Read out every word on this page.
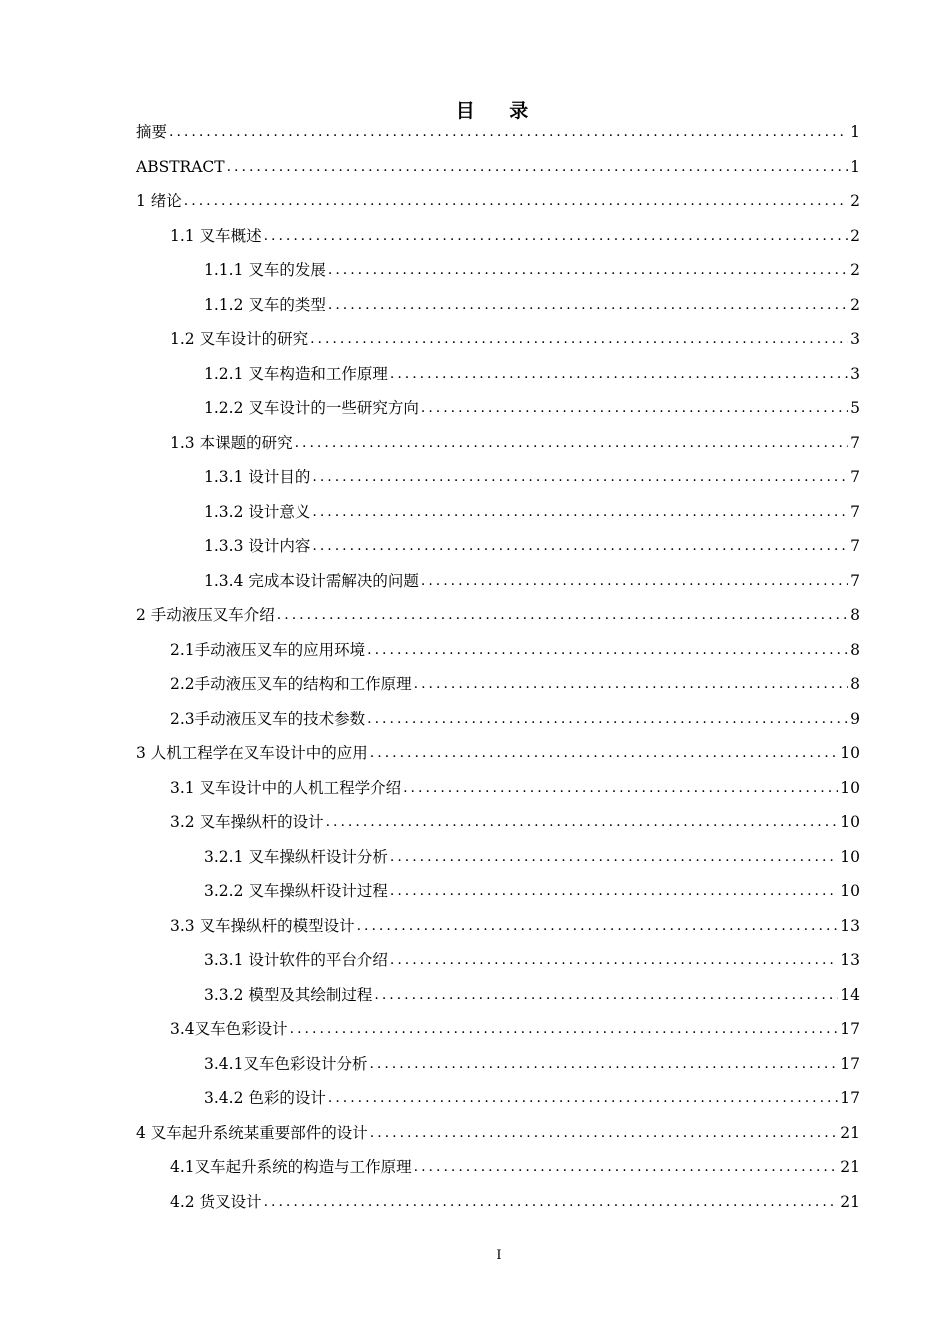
目 录
摘要 .....	1
ABSTRACT .....	1
1 绪论 .....	2
1.1 叉车概述 .....	2
1.1.1 叉车的发展 .....	2
1.1.2 叉车的类型 .....	2
1.2 叉车设计的研究 .....	3
1.2.1 叉车构造和工作原理 .....	3
1.2.2 叉车设计的一些研究方向 .....	5
1.3 本课题的研究 .....	7
1.3.1 设计目的 .....	7
1.3.2 设计意义 .....	7
1.3.3 设计内容 .....	7
1.3.4 完成本设计需解决的问题 .....	7
2 手动液压叉车介绍 .....	8
2.1手动液压叉车的应用环境 .....	8
2.2手动液压叉车的结构和工作原理 .....	8
2.3手动液压叉车的技术参数 .....	9
3 人机工程学在叉车设计中的应用 .....	10
3.1 叉车设计中的人机工程学介绍 .....	10
3.2 叉车操纵杆的设计 .....	10
3.2.1 叉车操纵杆设计分析 .....	10
3.2.2 叉车操纵杆设计过程 .....	10
3.3 叉车操纵杆的模型设计 .....	13
3.3.1 设计软件的平台介绍 .....	13
3.3.2 模型及其绘制过程 .....	14
3.4叉车色彩设计 .....	17
3.4.1叉车色彩设计分析 .....	17
3.4.2 色彩的设计 .....	17
4 叉车起升系统某重要部件的设计 .....	21
4.1叉车起升系统的构造与工作原理 .....	21
4.2 货叉设计 .....	21
I
